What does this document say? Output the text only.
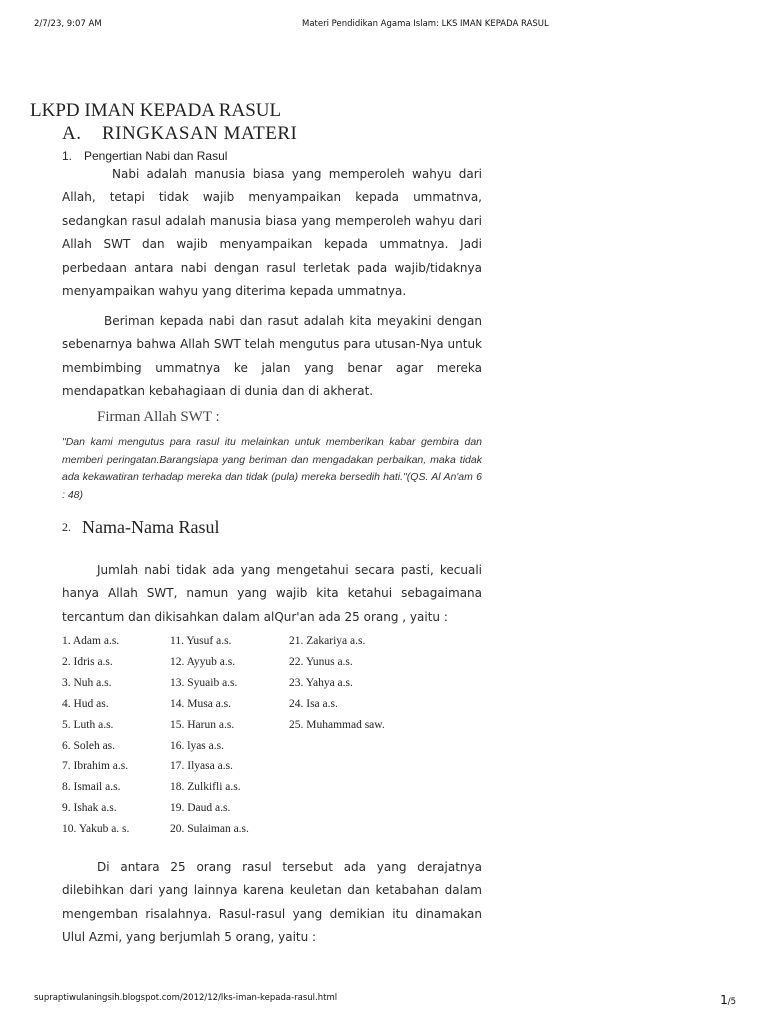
2/7/23, 9:07 AM	Materi Pendidikan Agama Islam: LKS IMAN KEPADA RASUL
LKPD IMAN KEPADA RASUL
A. RINGKASAN MATERI
1. Pengertian Nabi dan Rasul
Nabi adalah manusia biasa yang memperoleh wahyu dari Allah, tetapi tidak wajib menyampaikan kepada ummatnva, sedangkan rasul adalah manusia biasa yang memperoleh wahyu dari Allah SWT dan wajib menyampaikan kepada ummatnya. Jadi perbedaan antara nabi dengan rasul terletak pada wajib/tidaknya menyampaikan wahyu yang diterima kepada ummatnya.
Beriman kepada nabi dan rasut adalah kita meyakini dengan sebenarnya bahwa Allah SWT telah mengutus para utusan-Nya untuk membimbing ummatnya ke jalan yang benar agar mereka mendapatkan kebahagiaan di dunia dan di akherat.
Firman Allah SWT :
"Dan kami mengutus para rasul itu melainkan untuk memberikan kabar gembira dan memberi peringatan.Barangsiapa yang beriman dan mengadakan perbaikan, maka tidak ada kekawatiran terhadap mereka dan tidak (pula) mereka bersedih hati."(QS. Al An'am 6 : 48)
2. Nama-Nama Rasul
Jumlah nabi tidak ada yang mengetahui secara pasti, kecuali hanya Allah SWT, namun yang wajib kita ketahui sebagaimana tercantum dan dikisahkan dalam alQur'an ada 25 orang , yaitu :
1. Adam a.s.
2. Idris a.s.
3. Nuh a.s.
4. Hud as.
5. Luth a.s.
6. Soleh as.
7. Ibrahim a.s.
8. Ismail a.s.
9. Ishak a.s.
10. Yakub a. s.
11. Yusuf a.s.
12. Ayyub a.s.
13. Syuaib a.s.
14. Musa a.s.
15. Harun a.s.
16. lyas a.s.
17. Ilyasa a.s.
18. Zulkifli a.s.
19. Daud a.s.
20. Sulaiman a.s.
21. Zakariya a.s.
22. Yunus a.s.
23. Yahya a.s.
24. Isa a.s.
25. Muhammad saw.
Di antara 25 orang rasul tersebut ada yang derajatnya dilebihkan dari yang lainnya karena keuletan dan ketabahan dalam mengemban risalahnya. Rasul-rasul yang demikian itu dinamakan Ulul Azmi, yang berjumlah 5 orang, yaitu :
supraptiwulaningsih.blogspot.com/2012/12/lks-iman-kepada-rasul.html	1/5
